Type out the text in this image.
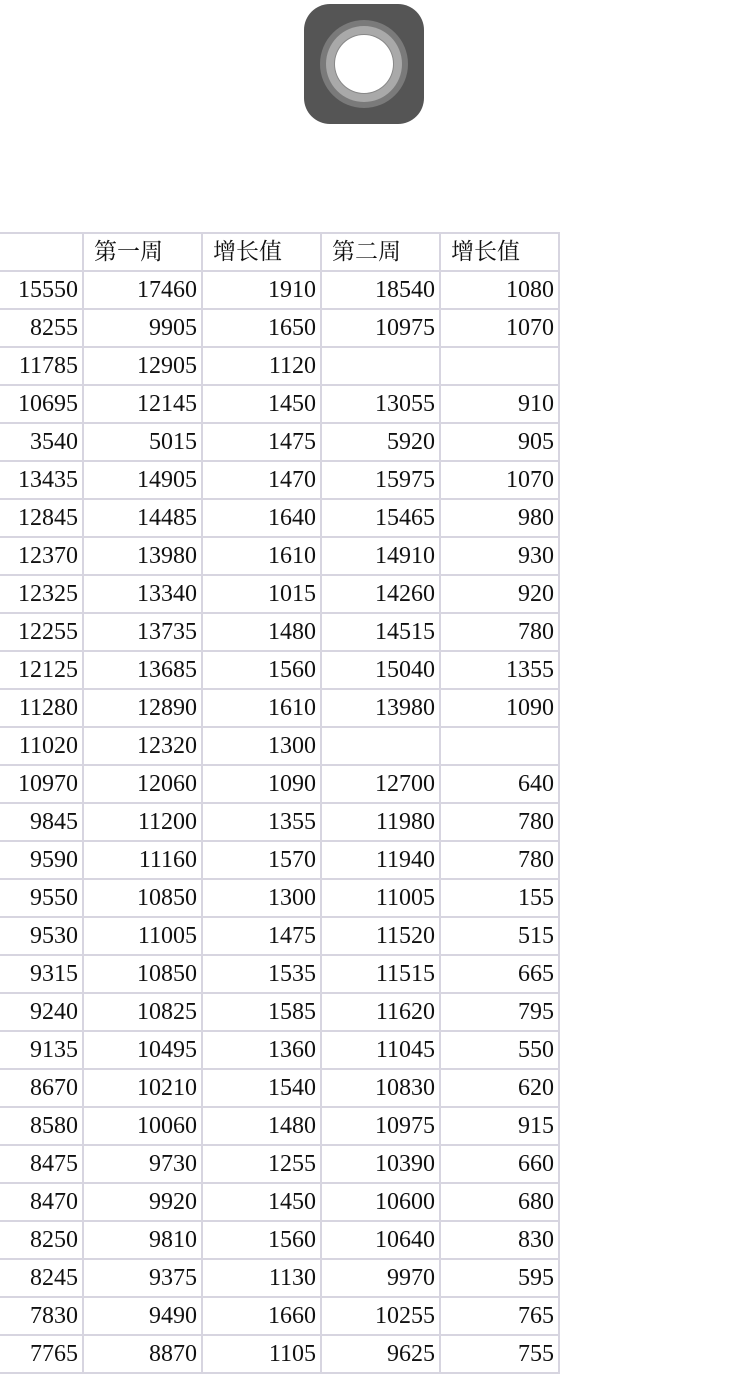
	第一周	增长值	第二周	增长值
15550	17460	1910	18540	1080
8255	9905	1650	10975	1070
11785	12905	1120		
10695	12145	1450	13055	910
3540	5015	1475	5920	905
13435	14905	1470	15975	1070
12845	14485	1640	15465	980
12370	13980	1610	14910	930
12325	13340	1015	14260	920
12255	13735	1480	14515	780
12125	13685	1560	15040	1355
11280	12890	1610	13980	1090
11020	12320	1300		
10970	12060	1090	12700	640
9845	11200	1355	11980	780
9590	11160	1570	11940	780
9550	10850	1300	11005	155
9530	11005	1475	11520	515
9315	10850	1535	11515	665
9240	10825	1585	11620	795
9135	10495	1360	11045	550
8670	10210	1540	10830	620
8580	10060	1480	10975	915
8475	9730	1255	10390	660
8470	9920	1450	10600	680
8250	9810	1560	10640	830
8245	9375	1130	9970	595
7830	9490	1660	10255	765
7765	8870	1105	9625	755
